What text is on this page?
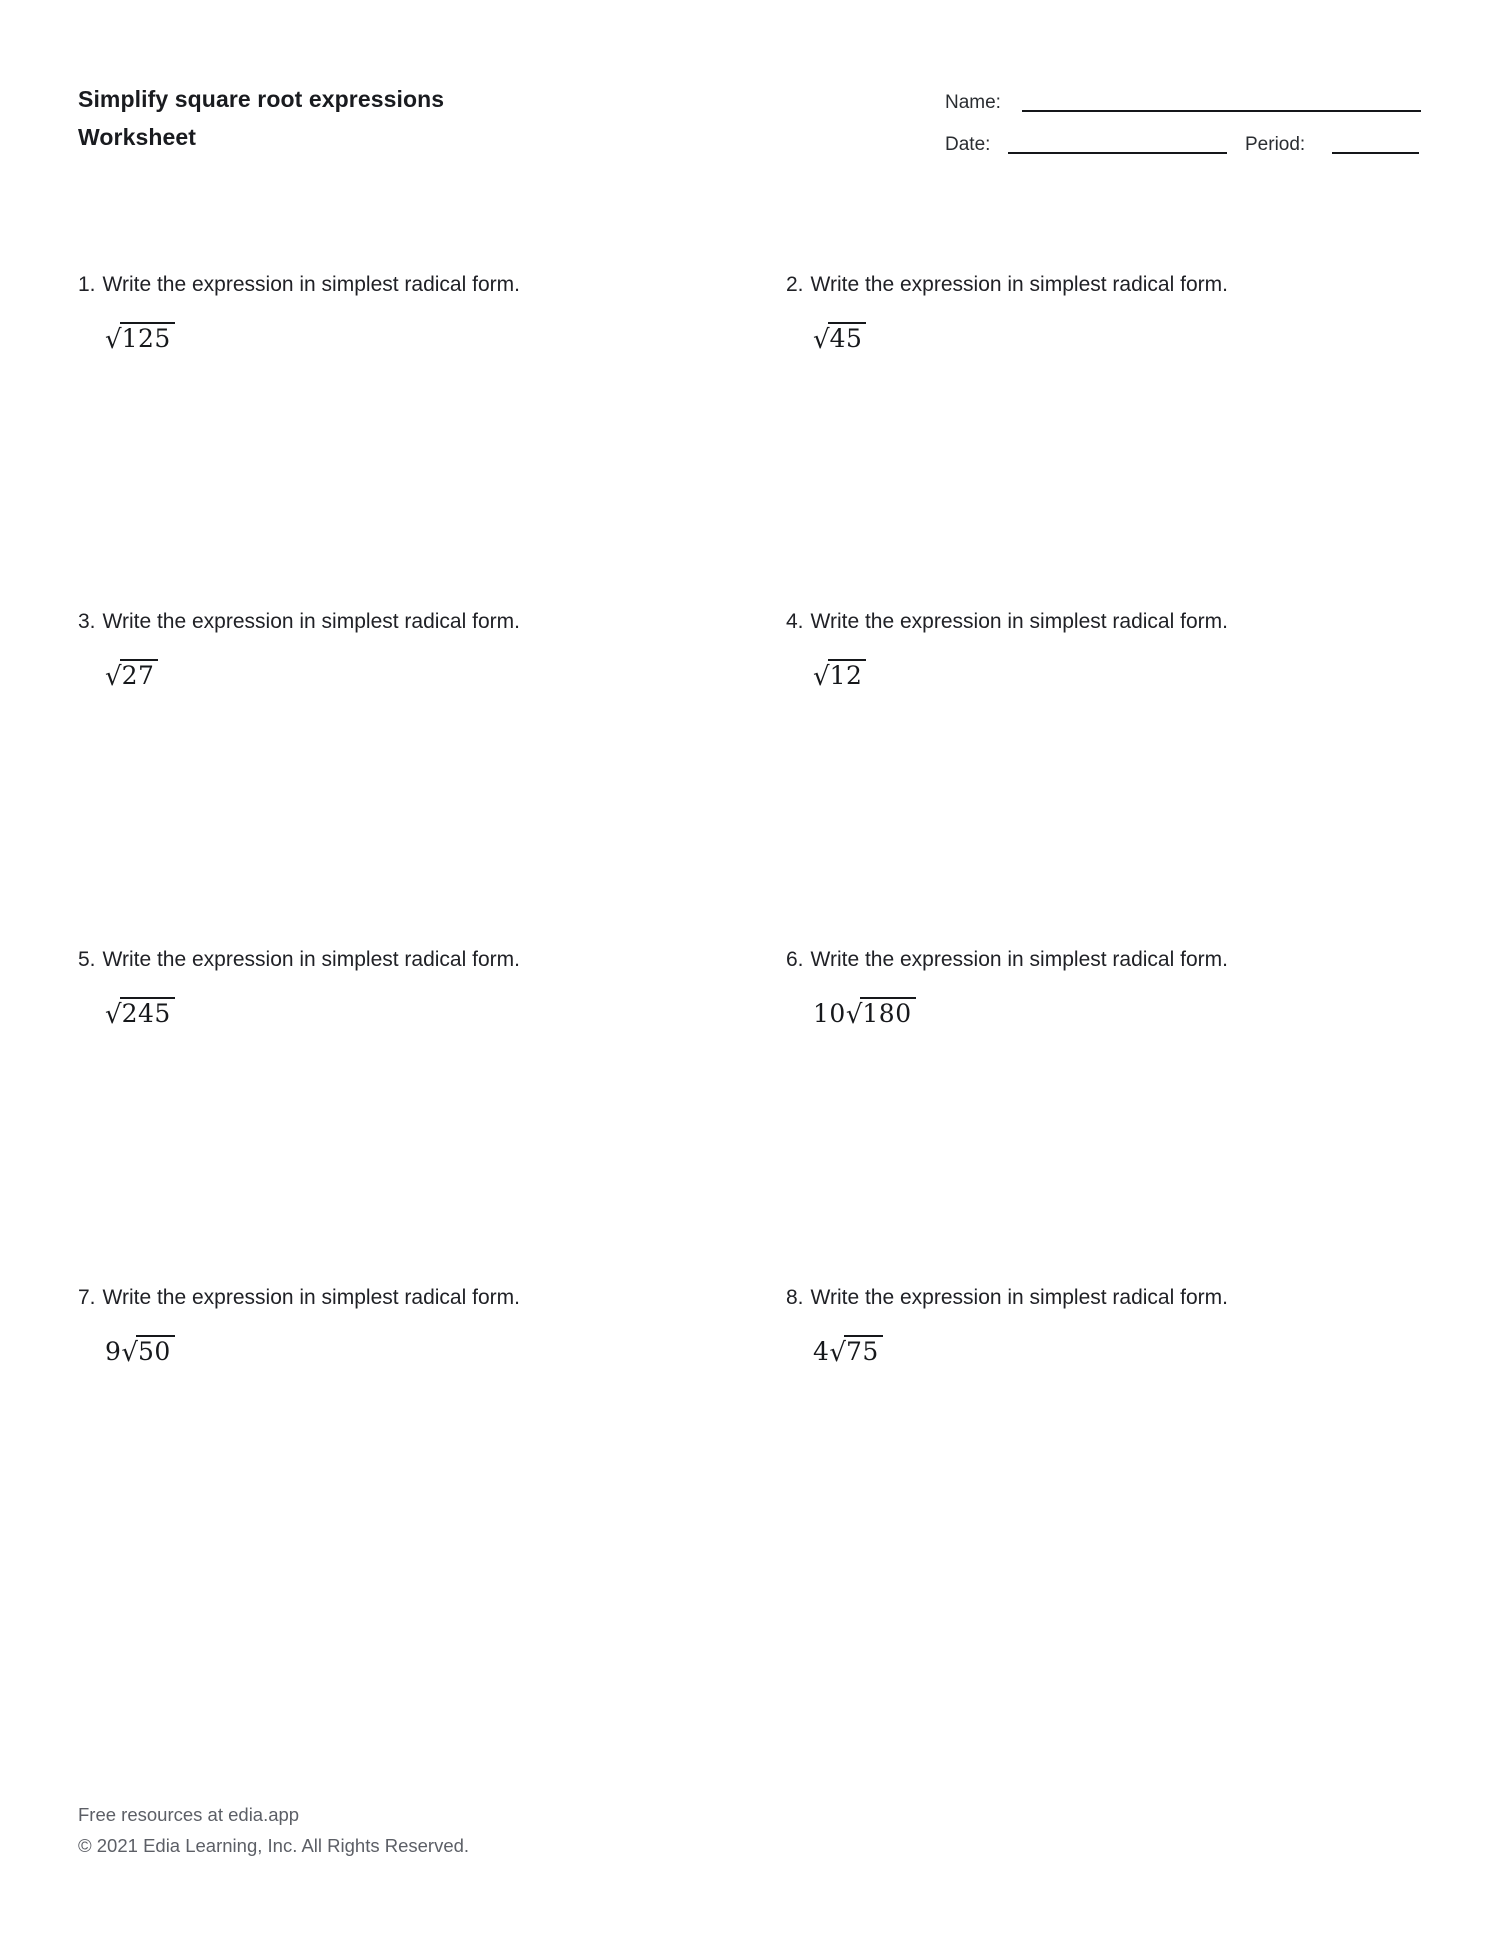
Simplify square root expressions
Worksheet
Name:
Date:	Period:
1. Write the expression in simplest radical form.
√125
2. Write the expression in simplest radical form.
√45
3. Write the expression in simplest radical form.
√27
4. Write the expression in simplest radical form.
√12
5. Write the expression in simplest radical form.
√245
6. Write the expression in simplest radical form.
10√180
7. Write the expression in simplest radical form.
9√50
8. Write the expression in simplest radical form.
4√75
Free resources at edia.app
© 2021 Edia Learning, Inc. All Rights Reserved.
